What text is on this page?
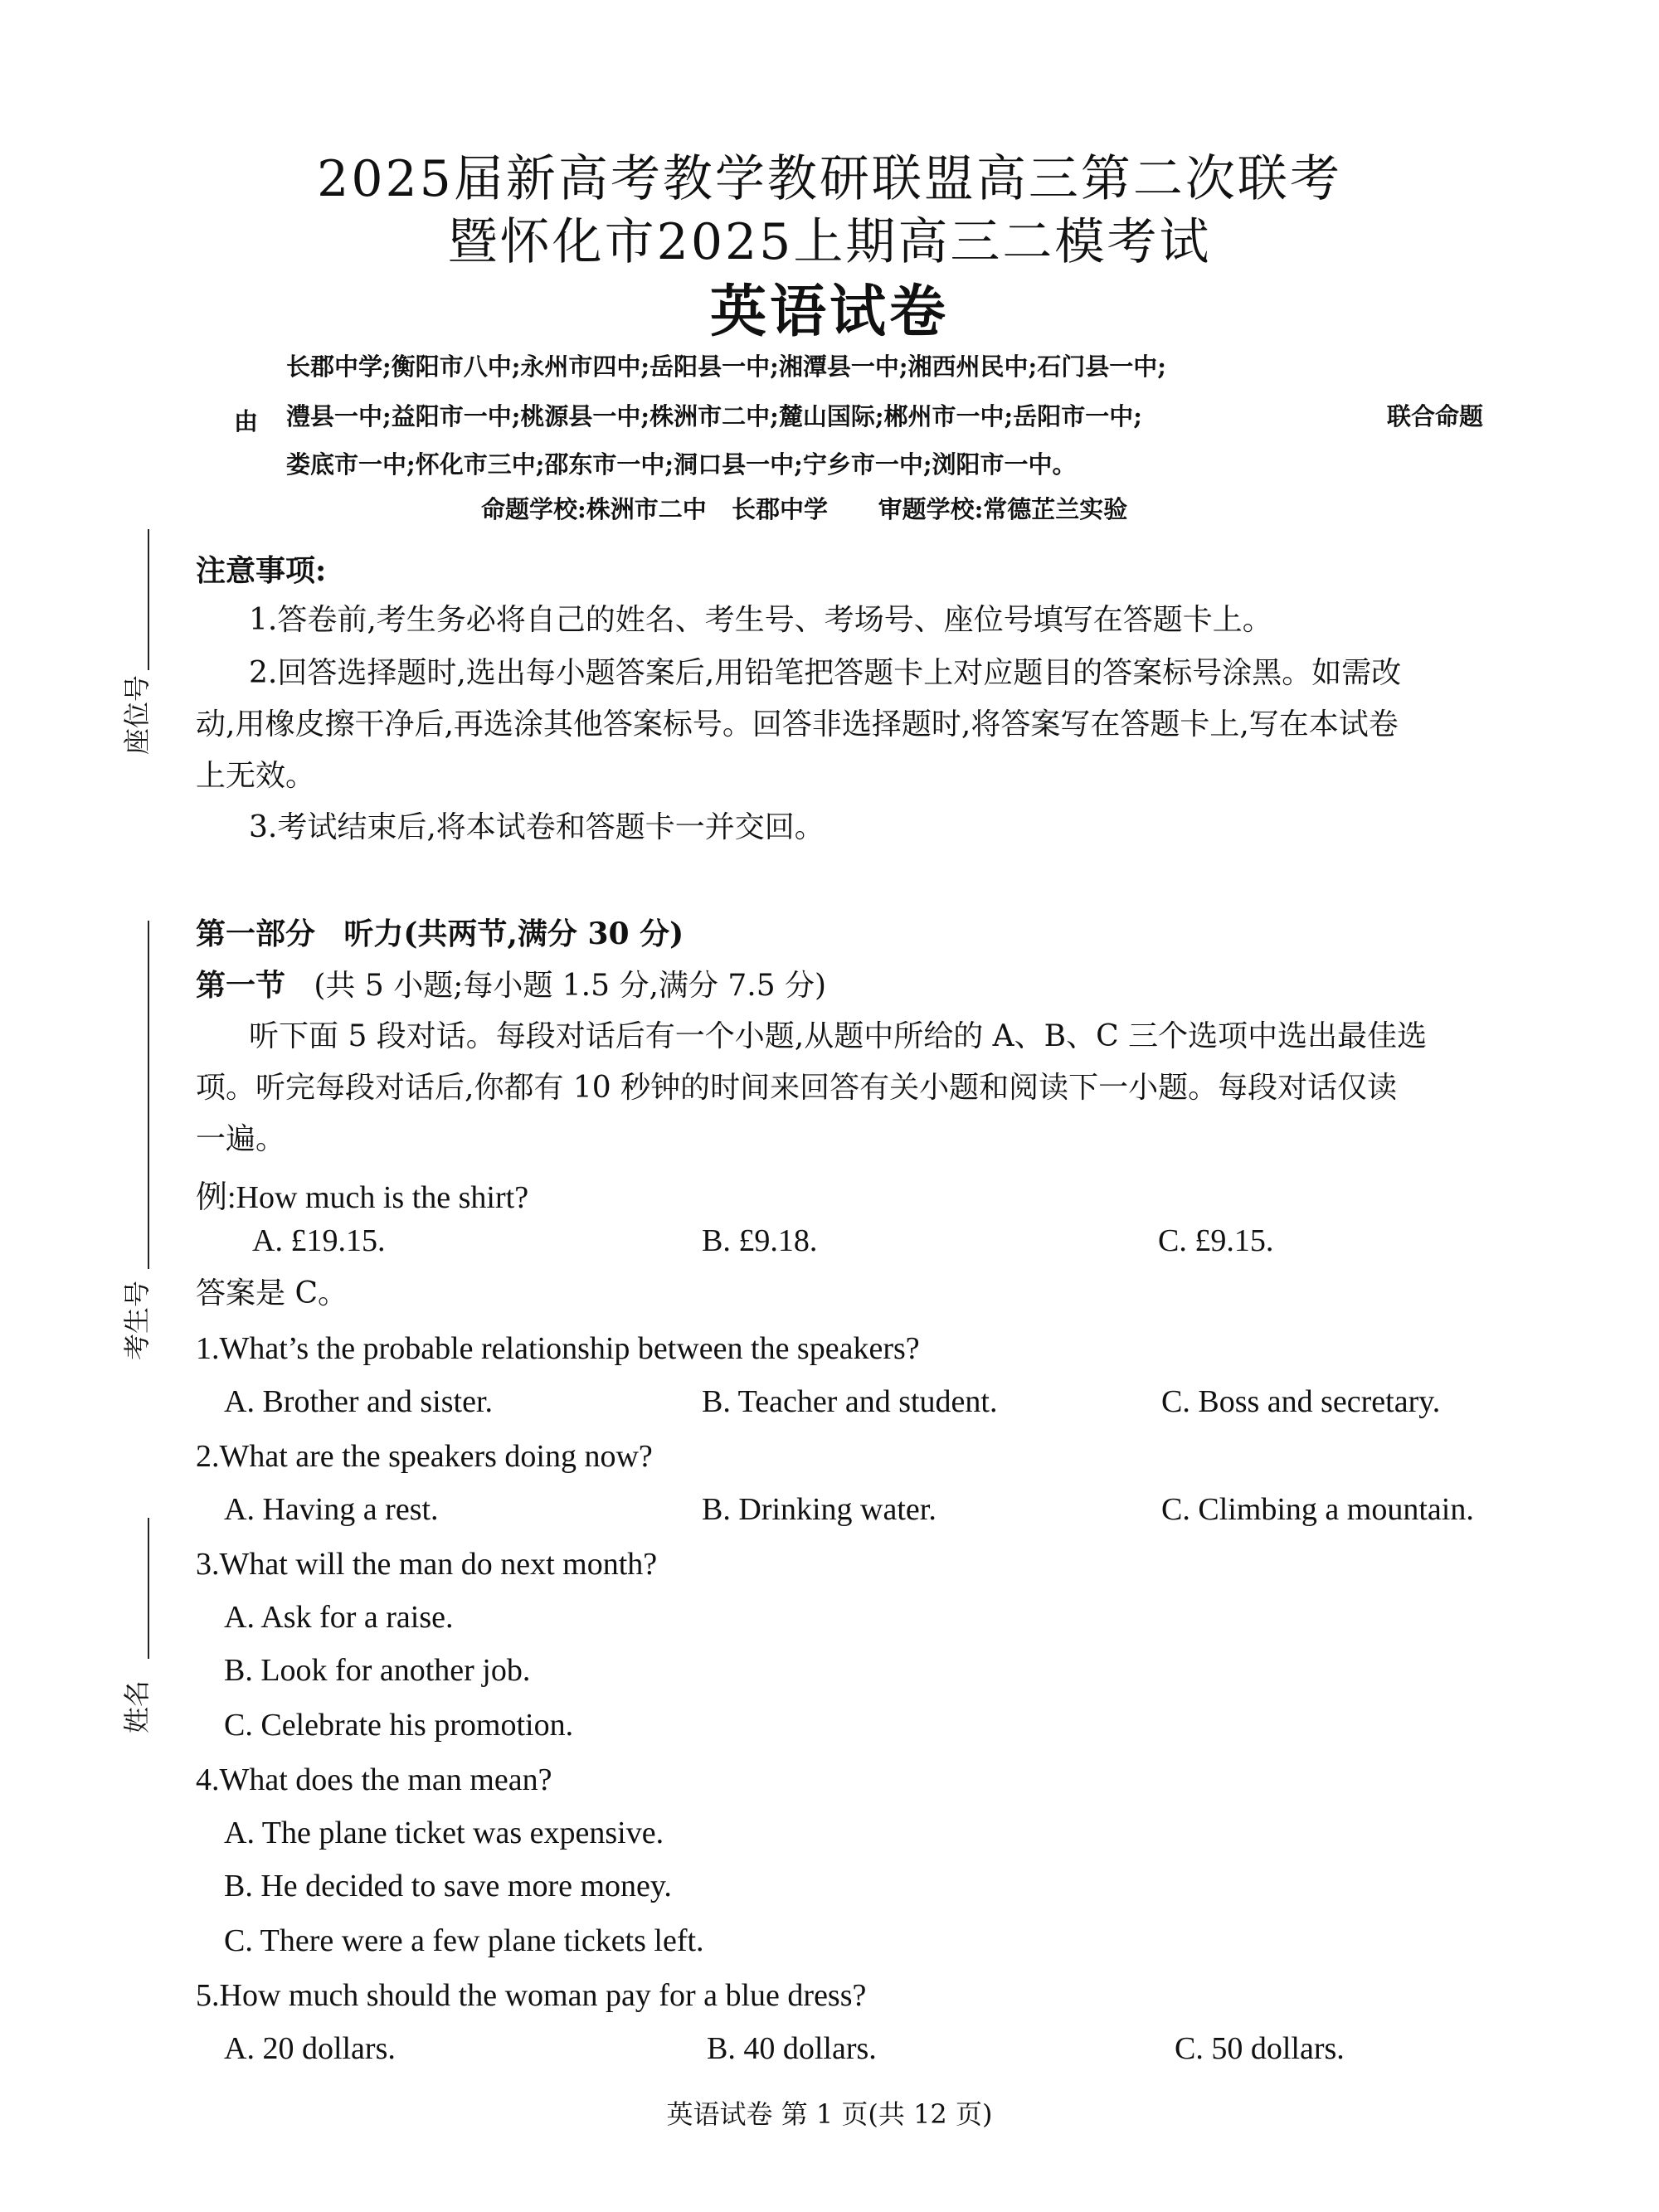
2025届新高考教学教研联盟高三第二次联考
暨怀化市2025上期高三二模考试
英语试卷
长郡中学;衡阳市八中;永州市四中;岳阳县一中;湘潭县一中;湘西州民中;石门县一中;
由 澧县一中;益阳市一中;桃源县一中;株洲市二中;麓山国际;郴州市一中;岳阳市一中;	联合命题
娄底市一中;怀化市三中;邵东市一中;洞口县一中;宁乡市一中;浏阳市一中。
命题学校:株洲市二中   长郡中学      审题学校:常德芷兰实验
座位号
考生号
姓名
注意事项:
1.答卷前,考生务必将自己的姓名、考生号、考场号、座位号填写在答题卡上。
2.回答选择题时,选出每小题答案后,用铅笔把答题卡上对应题目的答案标号涂黑。如需改
动,用橡皮擦干净后,再选涂其他答案标号。回答非选择题时,将答案写在答题卡上,写在本试卷
上无效。
3.考试结束后,将本试卷和答题卡一并交回。
第一部分 听力(共两节,满分 30 分)
第一节 (共 5 小题;每小题 1.5 分,满分 7.5 分)
听下面 5 段对话。每段对话后有一个小题,从题中所给的 A、B、C 三个选项中选出最佳选
项。听完每段对话后,你都有 10 秒钟的时间来回答有关小题和阅读下一小题。每段对话仅读
一遍。
例:How much is the shirt?
A. £19.15.	B. £9.18.	C. £9.15.
答案是 C。
1.What’s the probable relationship between the speakers?
A. Brother and sister.	B. Teacher and student.	C. Boss and secretary.
2.What are the speakers doing now?
A. Having a rest.	B. Drinking water.	C. Climbing a mountain.
3.What will the man do next month?
A. Ask for a raise.
B. Look for another job.
C. Celebrate his promotion.
4.What does the man mean?
A. The plane ticket was expensive.
B. He decided to save more money.
C. There were a few plane tickets left.
5.How much should the woman pay for a blue dress?
A. 20 dollars.	B. 40 dollars.	C. 50 dollars.
英语试卷 第 1 页(共 12 页)
